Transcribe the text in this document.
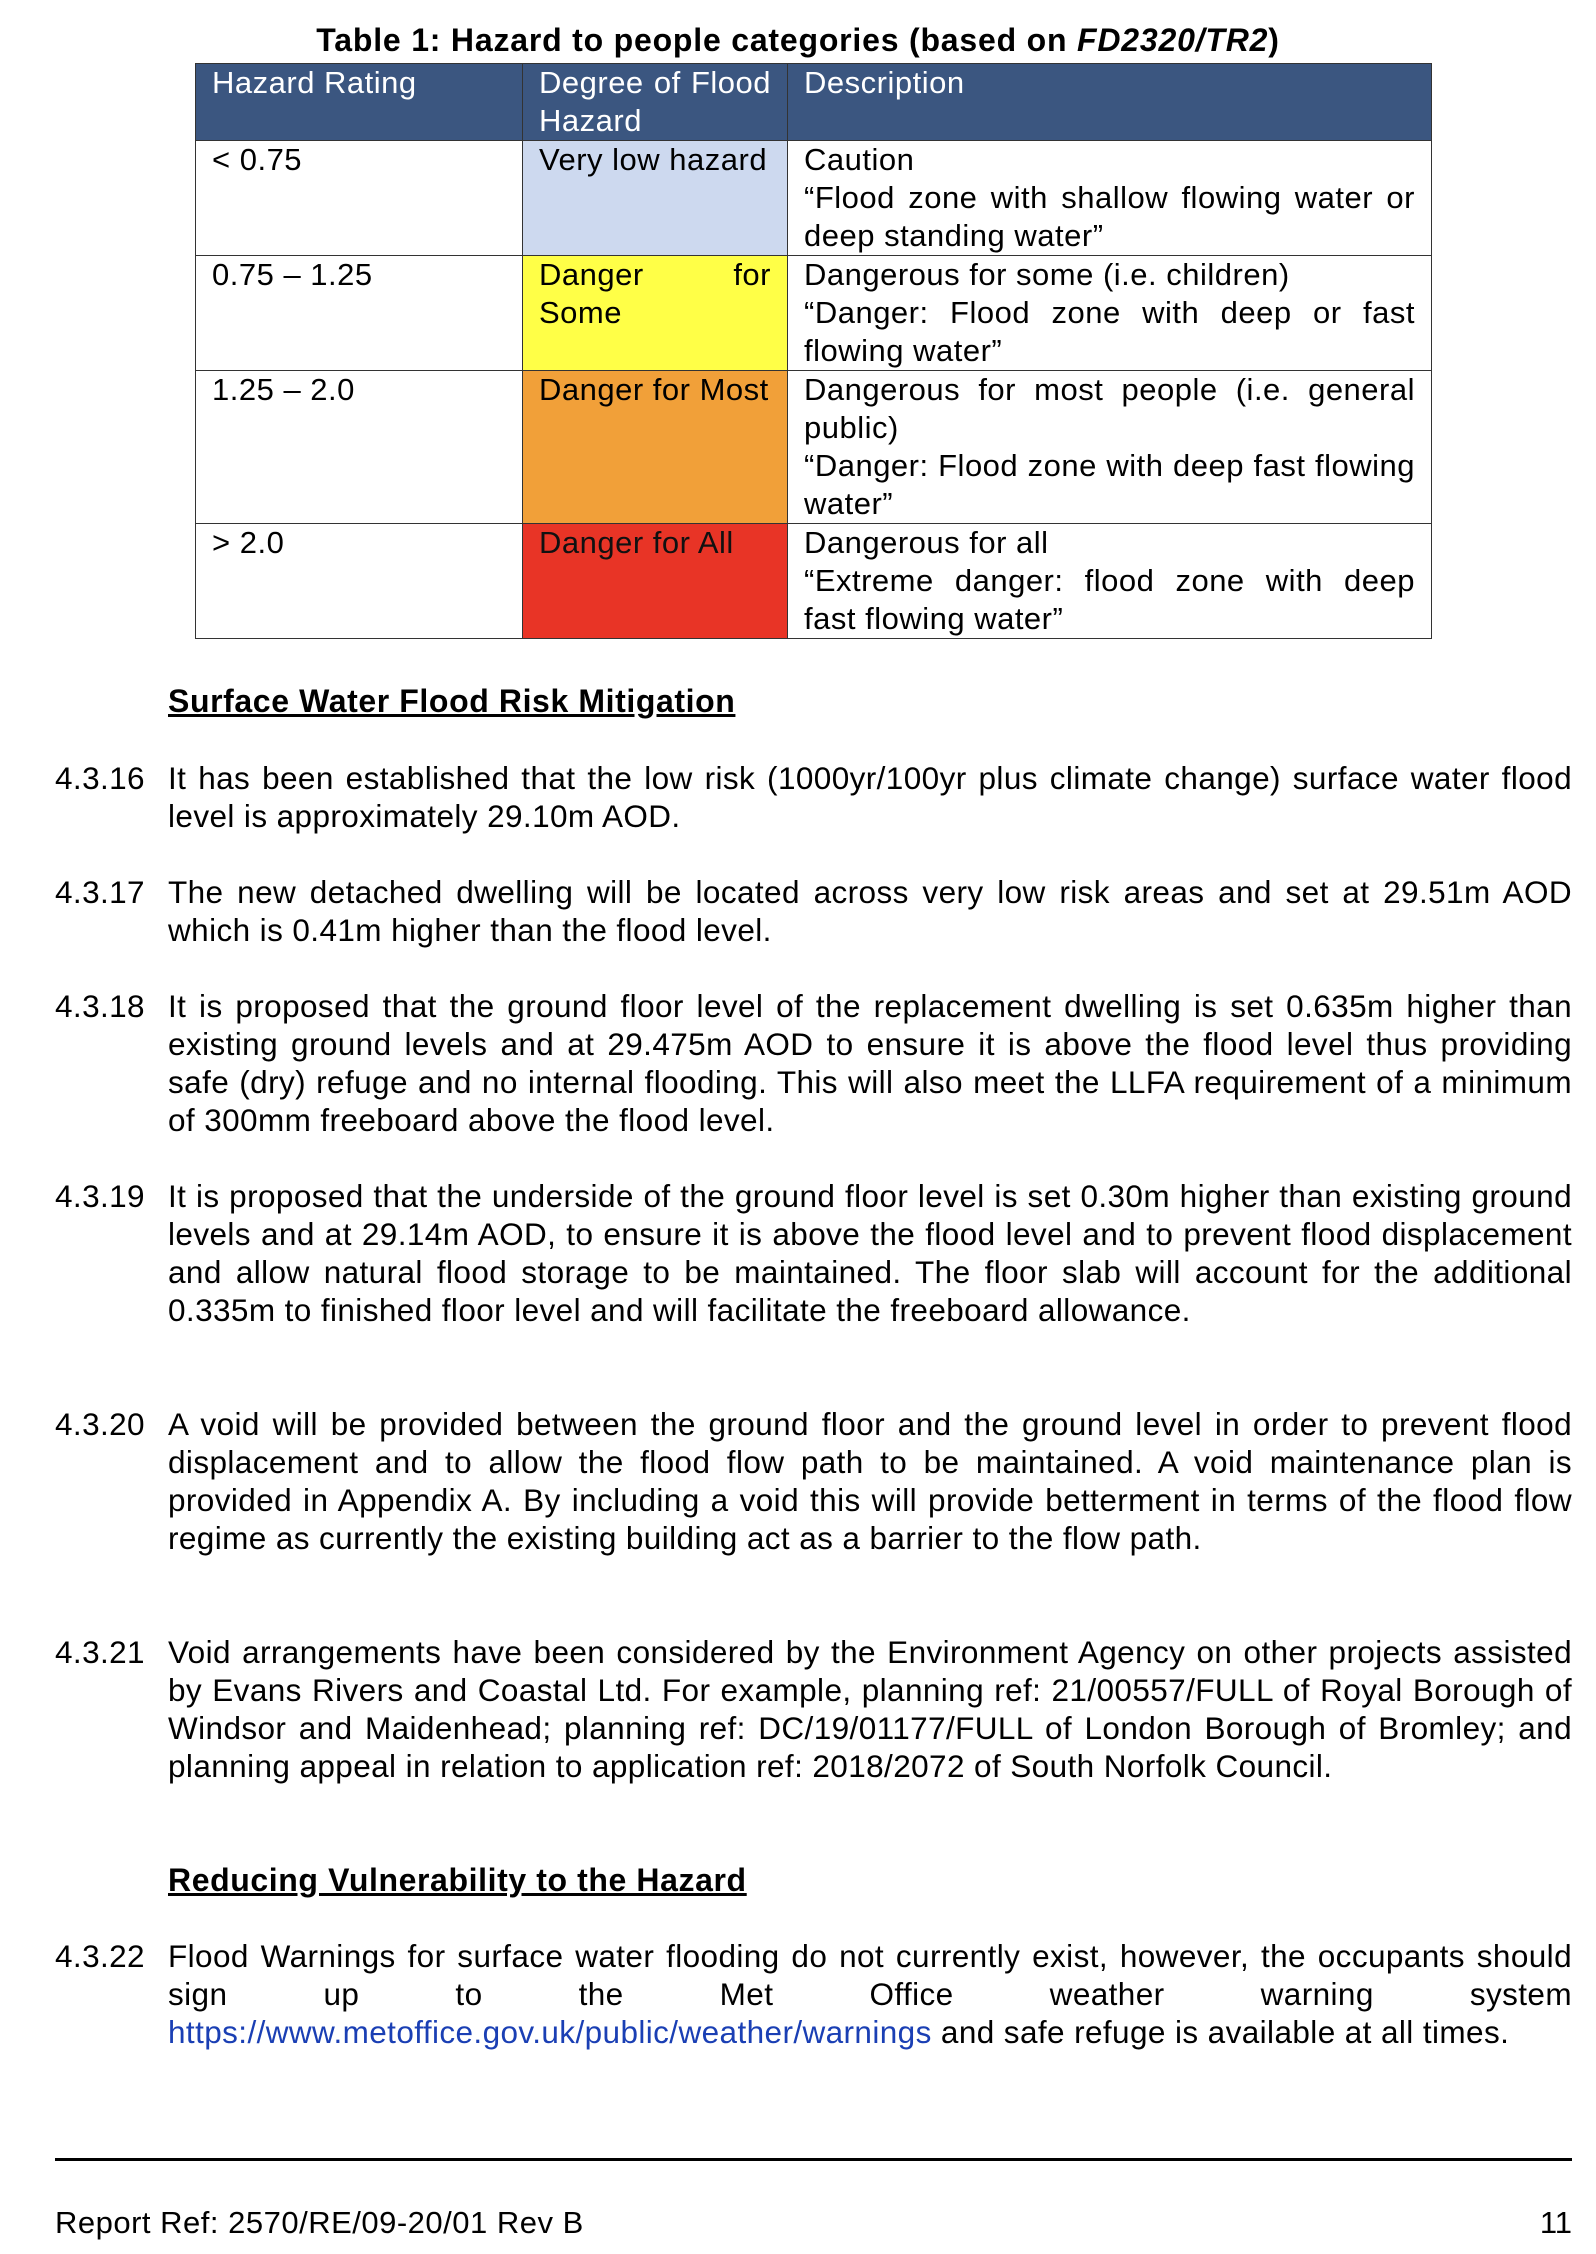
Table 1: Hazard to people categories (based on FD2320/TR2)
Hazard Rating	Degree of Flood Hazard	Description
< 0.75	Very low hazard	Caution
“Flood zone with shallow flowing water or deep standing water”

0.75 – 1.25	Danger for Some	Dangerous for some (i.e. children)
“Danger: Flood zone with deep or fast flowing water”

1.25 – 2.0	Danger for Most	Dangerous for most people (i.e. general public)
“Danger: Flood zone with deep fast flowing water”

> 2.0	Danger for All	Dangerous for all
“Extreme danger: flood zone with deep fast flowing water”
Surface Water Flood Risk Mitigation
4.3.16 It has been established that the low risk (1000yr/100yr plus climate change) surface water flood level is approximately 29.10m AOD.
4.3.17 The new detached dwelling will be located across very low risk areas and set at 29.51m AOD which is 0.41m higher than the flood level.
4.3.18 It is proposed that the ground floor level of the replacement dwelling is set 0.635m higher than existing ground levels and at 29.475m AOD to ensure it is above the flood level thus providing safe (dry) refuge and no internal flooding. This will also meet the LLFA requirement of a minimum of 300mm freeboard above the flood level.
4.3.19 It is proposed that the underside of the ground floor level is set 0.30m higher than existing ground levels and at 29.14m AOD, to ensure it is above the flood level and to prevent flood displacement and allow natural flood storage to be maintained. The floor slab will account for the additional 0.335m to finished floor level and will facilitate the freeboard allowance.
4.3.20 A void will be provided between the ground floor and the ground level in order to prevent flood displacement and to allow the flood flow path to be maintained. A void maintenance plan is provided in Appendix A. By including a void this will provide betterment in terms of the flood flow regime as currently the existing building act as a barrier to the flow path.
4.3.21 Void arrangements have been considered by the Environment Agency on other projects assisted by Evans Rivers and Coastal Ltd. For example, planning ref: 21/00557/FULL of Royal Borough of Windsor and Maidenhead; planning ref: DC/19/01177/FULL of London Borough of Bromley; and planning appeal in relation to application ref: 2018/2072 of South Norfolk Council.
Reducing Vulnerability to the Hazard
4.3.22 Flood Warnings for surface water flooding do not currently exist, however, the occupants should sign up to the Met Office weather warning system https://www.metoffice.gov.uk/public/weather/warnings and safe refuge is available at all times.
Report Ref: 2570/RE/09-20/01 Rev B	11
